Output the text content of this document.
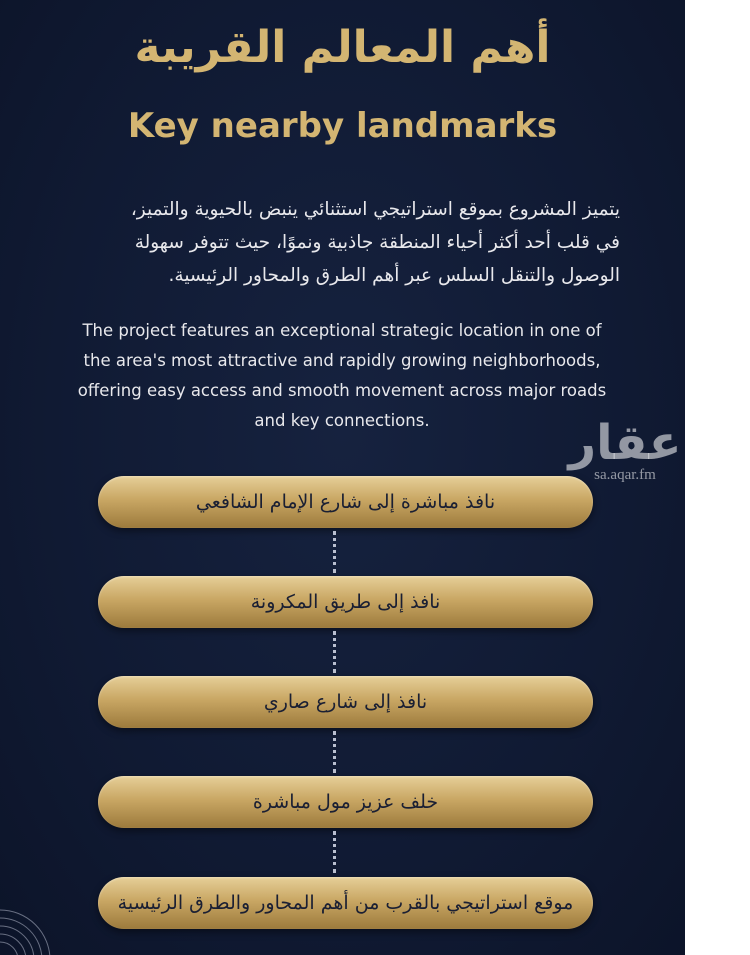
أهم المعالم القريبة
Key nearby landmarks
يتميز المشروع بموقع استراتيجي استثنائي ينبض بالحيوية والتميز،
في قلب أحد أكثر أحياء المنطقة جاذبية ونموًا، حيث تتوفر سهولة
الوصول والتنقل السلس عبر أهم الطرق والمحاور الرئيسية.
The project features an exceptional strategic location in one of
the area's most attractive and rapidly growing neighborhoods,
offering easy access and smooth movement across major roads
and key connections.	عقار
sa.aqar.fm
نافذ مباشرة إلى شارع الإمام الشافعي
نافذ إلى طريق المكرونة
نافذ إلى شارع صاري
خلف عزيز مول مباشرة
موقع استراتيجي بالقرب من أهم المحاور والطرق الرئيسية
